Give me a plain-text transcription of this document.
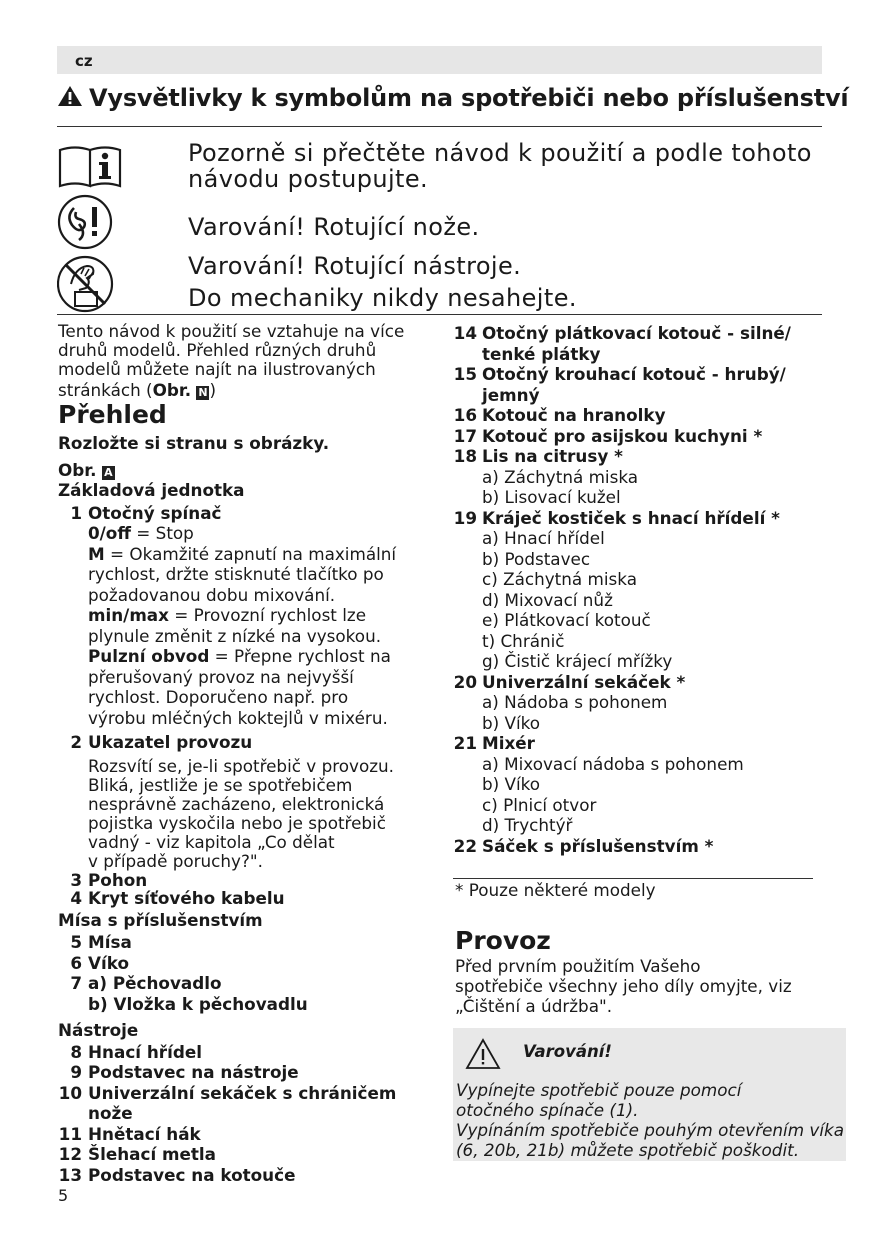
cz
Vysvětlivky k symbolům na spotřebiči nebo příslušenství
Pozorně si přečtěte návod k použití a podle tohoto
návodu postupujte.
Varování! Rotující nože.
Varování! Rotující nástroje.
Do mechaniky nikdy nesahejte.
Tento návod k použití se vztahuje na více
druhů modelů. Přehled různých druhů
modelů můžete najít na ilustrovaných
stránkách (Obr. N )
Přehled
Rozložte si stranu s obrázky.
Obr. A
Základová jednotka
1 Otočný spínač
0/off = Stop
M = Okamžité zapnutí na maximální
rychlost, držte stisknuté tlačítko po
požadovanou dobu mixování.
min/max = Provozní rychlost lze
plynule změnit z nízké na vysokou.
Pulzní obvod = Přepne rychlost na
přerušovaný provoz na nejvyšší
rychlost. Doporučeno např. pro
výrobu mléčných koktejlů v mixéru.
2 Ukazatel provozu
Rozsvítí se, je-li spotřebič v provozu.
Bliká, jestliže je se spotřebičem
nesprávně zacházeno, elektronická
pojistka vyskočila nebo je spotřebič
vadný - viz kapitola „Co dělat
v případě poruchy?".
3 Pohon
4 Kryt síťového kabelu
Mísa s příslušenstvím
5 Mísa
6 Víko
7 a) Pěchovadlo
b) Vložka k pěchovadlu
Nástroje
8 Hnací hřídel
9 Podstavec na nástroje
10 Univerzální sekáček s chráničem
nože
11 Hnětací hák
12 Šlehací metla
13 Podstavec na kotouče
5
14 Otočný plátkovací kotouč - silné/
tenké plátky
15 Otočný krouhací kotouč - hrubý/
jemný
16 Kotouč na hranolky
17 Kotouč pro asijskou kuchyni *
18 Lis na citrusy *
a) Záchytná miska
b) Lisovací kužel
19 Kráječ kostiček s hnací hřídelí *
a) Hnací hřídel
b) Podstavec
c) Záchytná miska
d) Mixovací nůž
e) Plátkovací kotouč
t) Chránič
g) Čistič krájecí mřížky
20 Univerzální sekáček *
a) Nádoba s pohonem
b) Víko
21 Mixér
a) Mixovací nádoba s pohonem
b) Víko
c) Plnicí otvor
d) Trychtýř
22 Sáček s příslušenstvím *
* Pouze některé modely
Provoz
Před prvním použitím Vašeho
spotřebiče všechny jeho díly omyjte, viz
„Čištění a údržba".
Varování!
Vypínejte spotřebič pouze pomocí
otočného spínače (1).
Vypínáním spotřebiče pouhým otevřením víka
(6, 20b, 21b) můžete spotřebič poškodit.
